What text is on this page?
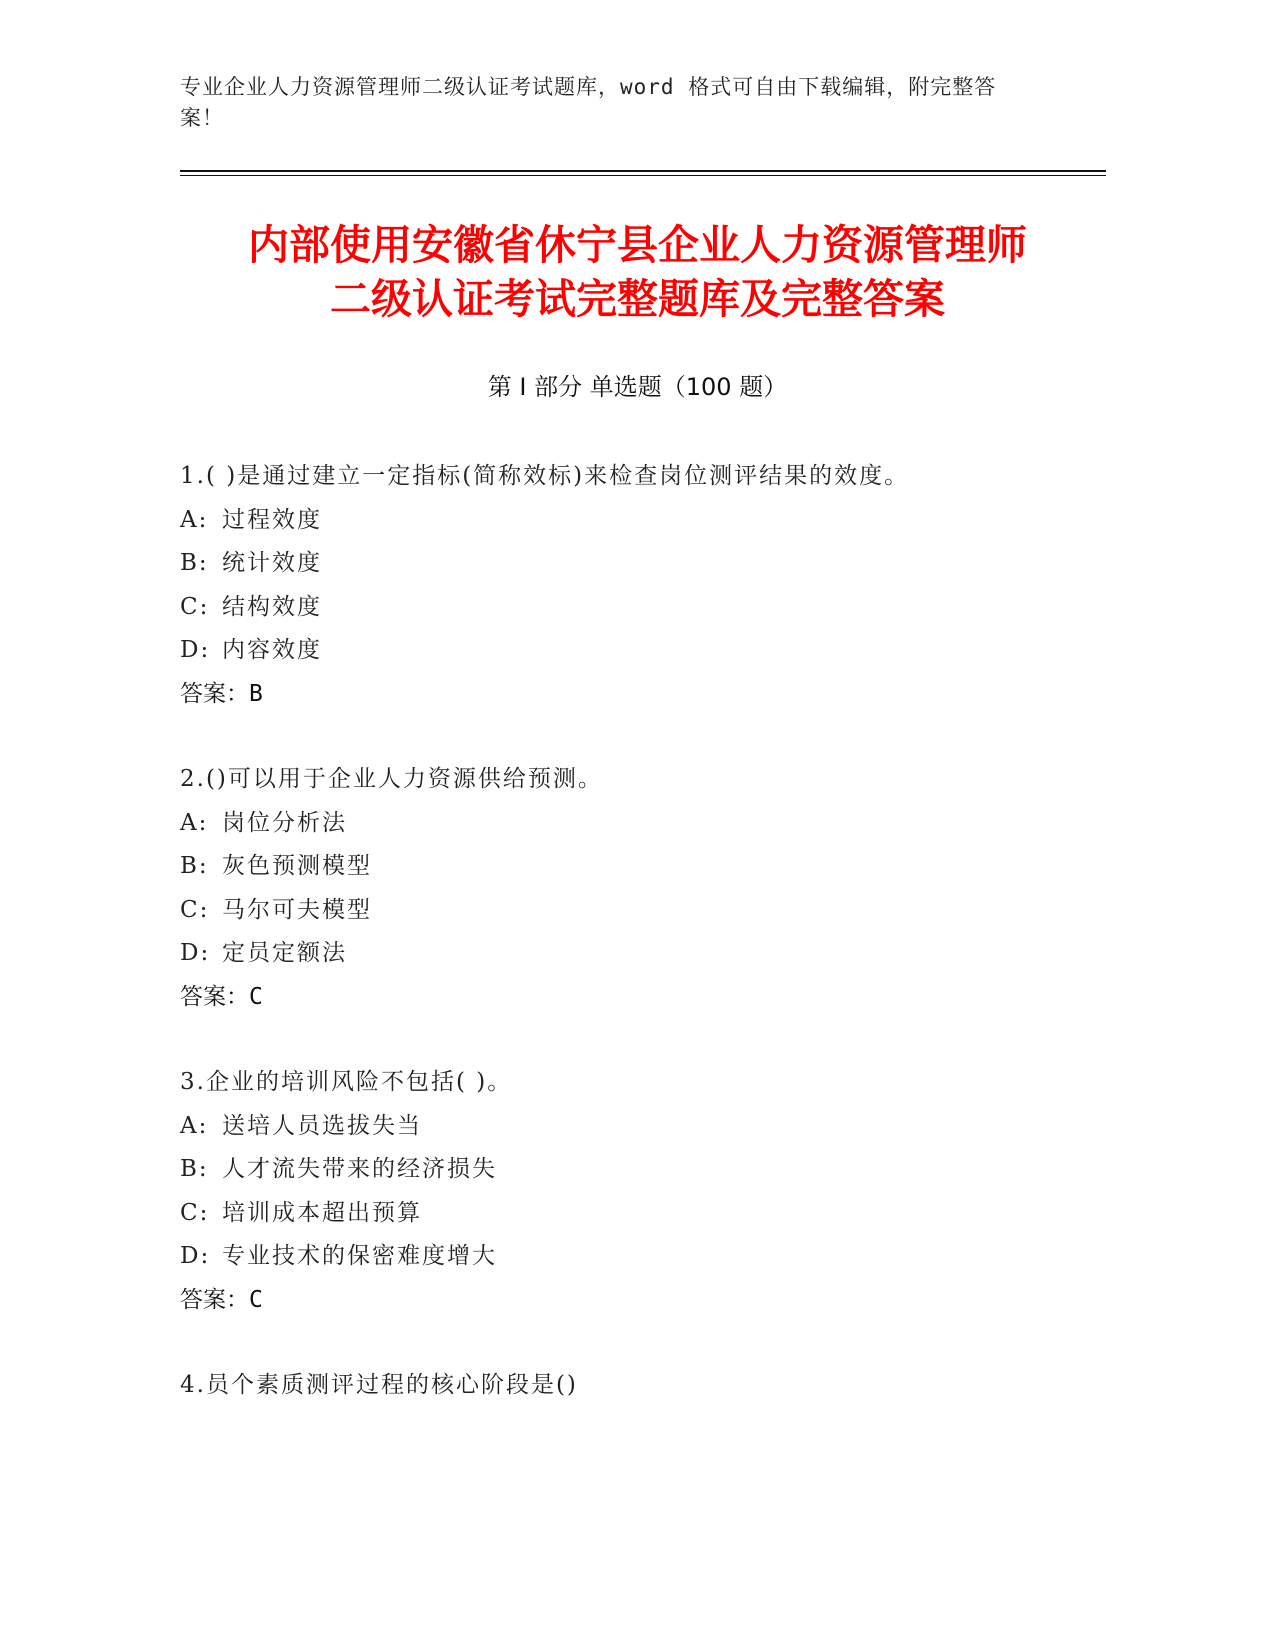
专业企业人力资源管理师二级认证考试题库，word 格式可自由下载编辑，附完整答案！
内部使用安徽省休宁县企业人力资源管理师
二级认证考试完整题库及完整答案
第 I 部分 单选题（100 题）
1.( )是通过建立一定指标(简称效标)来检查岗位测评结果的效度。
A: 过程效度
B: 统计效度
C: 结构效度
D: 内容效度
答案：B
2.()可以用于企业人力资源供给预测。
A: 岗位分析法
B: 灰色预测模型
C: 马尔可夫模型
D: 定员定额法
答案：C
3.企业的培训风险不包括( )。
A: 送培人员选拔失当
B: 人才流失带来的经济损失
C: 培训成本超出预算
D: 专业技术的保密难度增大
答案：C
4.员个素质测评过程的核心阶段是()
